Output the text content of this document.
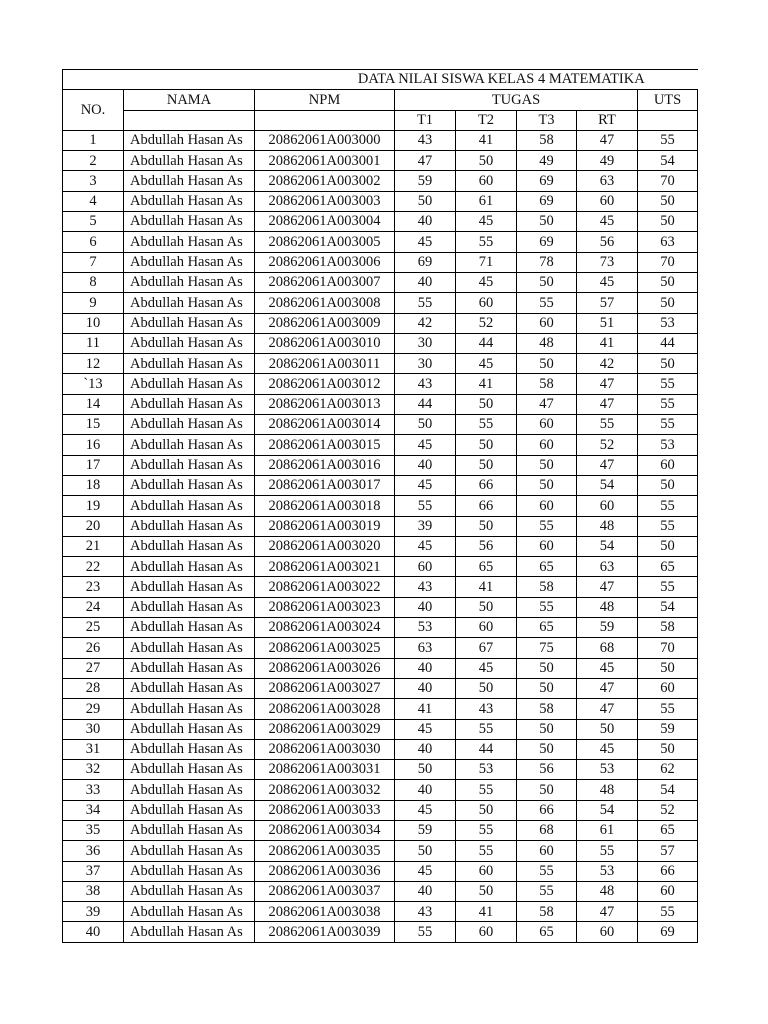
DATA NILAI SISWA KELAS 4 MATEMATIKA							
NO.	NAMA	NPM	TUGAS				UTS
			T1	T2	T3	RT	
1	Abdullah Hasan As	20862061A003000	43	41	58	47	55
2	Abdullah Hasan As	20862061A003001	47	50	49	49	54
3	Abdullah Hasan As	20862061A003002	59	60	69	63	70
4	Abdullah Hasan As	20862061A003003	50	61	69	60	50
5	Abdullah Hasan As	20862061A003004	40	45	50	45	50
6	Abdullah Hasan As	20862061A003005	45	55	69	56	63
7	Abdullah Hasan As	20862061A003006	69	71	78	73	70
8	Abdullah Hasan As	20862061A003007	40	45	50	45	50
9	Abdullah Hasan As	20862061A003008	55	60	55	57	50
10	Abdullah Hasan As	20862061A003009	42	52	60	51	53
11	Abdullah Hasan As	20862061A003010	30	44	48	41	44
12	Abdullah Hasan As	20862061A003011	30	45	50	42	50
`13	Abdullah Hasan As	20862061A003012	43	41	58	47	55
14	Abdullah Hasan As	20862061A003013	44	50	47	47	55
15	Abdullah Hasan As	20862061A003014	50	55	60	55	55
16	Abdullah Hasan As	20862061A003015	45	50	60	52	53
17	Abdullah Hasan As	20862061A003016	40	50	50	47	60
18	Abdullah Hasan As	20862061A003017	45	66	50	54	50
19	Abdullah Hasan As	20862061A003018	55	66	60	60	55
20	Abdullah Hasan As	20862061A003019	39	50	55	48	55
21	Abdullah Hasan As	20862061A003020	45	56	60	54	50
22	Abdullah Hasan As	20862061A003021	60	65	65	63	65
23	Abdullah Hasan As	20862061A003022	43	41	58	47	55
24	Abdullah Hasan As	20862061A003023	40	50	55	48	54
25	Abdullah Hasan As	20862061A003024	53	60	65	59	58
26	Abdullah Hasan As	20862061A003025	63	67	75	68	70
27	Abdullah Hasan As	20862061A003026	40	45	50	45	50
28	Abdullah Hasan As	20862061A003027	40	50	50	47	60
29	Abdullah Hasan As	20862061A003028	41	43	58	47	55
30	Abdullah Hasan As	20862061A003029	45	55	50	50	59
31	Abdullah Hasan As	20862061A003030	40	44	50	45	50
32	Abdullah Hasan As	20862061A003031	50	53	56	53	62
33	Abdullah Hasan As	20862061A003032	40	55	50	48	54
34	Abdullah Hasan As	20862061A003033	45	50	66	54	52
35	Abdullah Hasan As	20862061A003034	59	55	68	61	65
36	Abdullah Hasan As	20862061A003035	50	55	60	55	57
37	Abdullah Hasan As	20862061A003036	45	60	55	53	66
38	Abdullah Hasan As	20862061A003037	40	50	55	48	60
39	Abdullah Hasan As	20862061A003038	43	41	58	47	55
40	Abdullah Hasan As	20862061A003039	55	60	65	60	69
